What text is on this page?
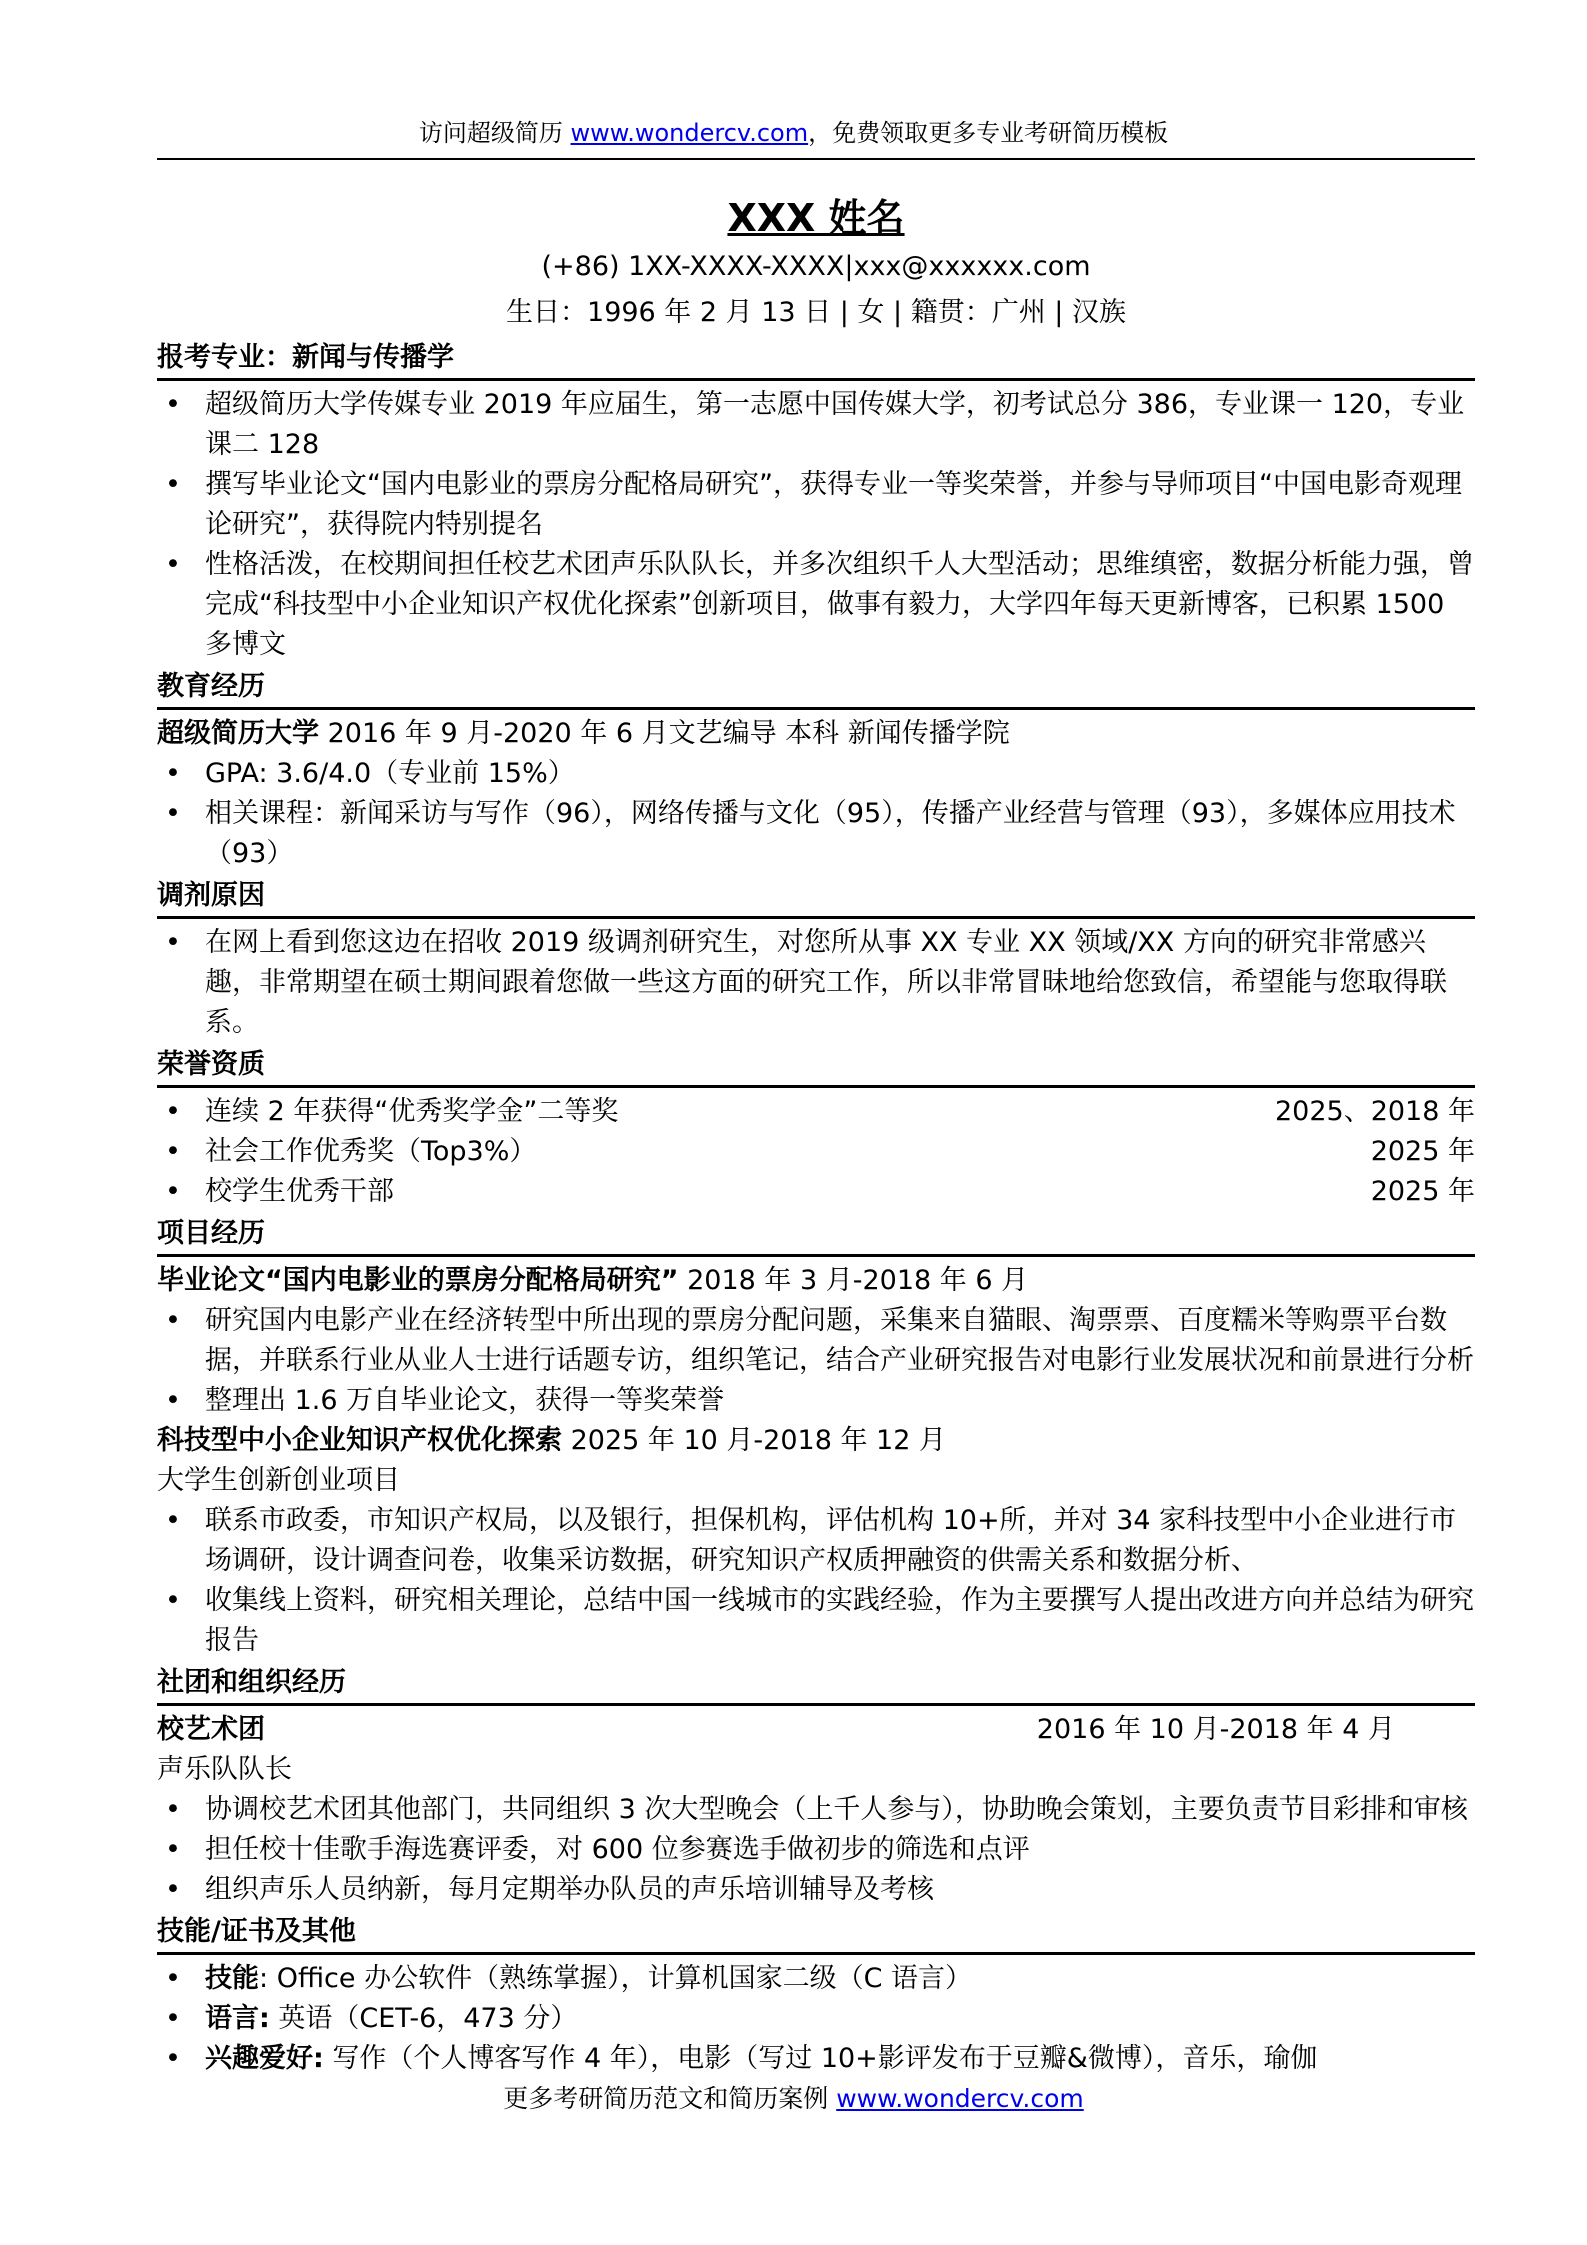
访问超级简历 www.wondercv.com，免费领取更多专业考研简历模板
XXX 姓名
(+86) 1XX-XXXX-XXXX|xxx@xxxxxx.com
生日：1996 年 2 月 13 日 | 女 | 籍贯：广州 | 汉族
报考专业：新闻与传播学
• 超级简历大学传媒专业 2019 年应届生，第一志愿中国传媒大学，初考试总分 386，专业课一 120，专业课二 128
• 撰写毕业论文“国内电影业的票房分配格局研究”，获得专业一等奖荣誉，并参与导师项目“中国电影奇观理论研究”，获得院内特别提名
• 性格活泼，在校期间担任校艺术团声乐队队长，并多次组织千人大型活动；思维缜密，数据分析能力强，曾完成“科技型中小企业知识产权优化探索”创新项目，做事有毅力，大学四年每天更新博客，已积累 1500 多博文
教育经历
超级简历大学 2016 年 9 月-2020 年 6 月文艺编导 本科 新闻传播学院
• GPA: 3.6/4.0（专业前 15%）
• 相关课程：新闻采访与写作（96），网络传播与文化（95），传播产业经营与管理（93），多媒体应用技术（93）
调剂原因
• 在网上看到您这边在招收 2019 级调剂研究生，对您所从事 XX 专业 XX 领域/XX 方向的研究非常感兴趣，非常期望在硕士期间跟着您做一些这方面的研究工作，所以非常冒昧地给您致信，希望能与您取得联系。
荣誉资质
• 连续 2 年获得“优秀奖学金”二等奖	2025、2018 年
• 社会工作优秀奖（Top3%）	2025 年
• 校学生优秀干部	2025 年
项目经历
毕业论文“国内电影业的票房分配格局研究” 2018 年 3 月-2018 年 6 月
• 研究国内电影产业在经济转型中所出现的票房分配问题，采集来自猫眼、淘票票、百度糯米等购票平台数据，并联系行业从业人士进行话题专访，组织笔记，结合产业研究报告对电影行业发展状况和前景进行分析
• 整理出 1.6 万自毕业论文，获得一等奖荣誉
科技型中小企业知识产权优化探索 2025 年 10 月-2018 年 12 月
大学生创新创业项目
• 联系市政委，市知识产权局，以及银行，担保机构，评估机构 10+所，并对 34 家科技型中小企业进行市场调研，设计调查问卷，收集采访数据，研究知识产权质押融资的供需关系和数据分析、
• 收集线上资料，研究相关理论，总结中国一线城市的实践经验，作为主要撰写人提出改进方向并总结为研究报告
社团和组织经历
校艺术团	2016 年 10 月-2018 年 4 月
声乐队队长
• 协调校艺术团其他部门，共同组织 3 次大型晚会（上千人参与），协助晚会策划，主要负责节目彩排和审核
• 担任校十佳歌手海选赛评委，对 600 位参赛选手做初步的筛选和点评
• 组织声乐人员纳新，每月定期举办队员的声乐培训辅导及考核
技能/证书及其他
• 技能: Office 办公软件（熟练掌握），计算机国家二级（C 语言）
• 语言: 英语（CET-6，473 分）
• 兴趣爱好: 写作（个人博客写作 4 年），电影（写过 10+影评发布于豆瓣&微博），音乐，瑜伽
更多考研简历范文和简历案例 www.wondercv.com
